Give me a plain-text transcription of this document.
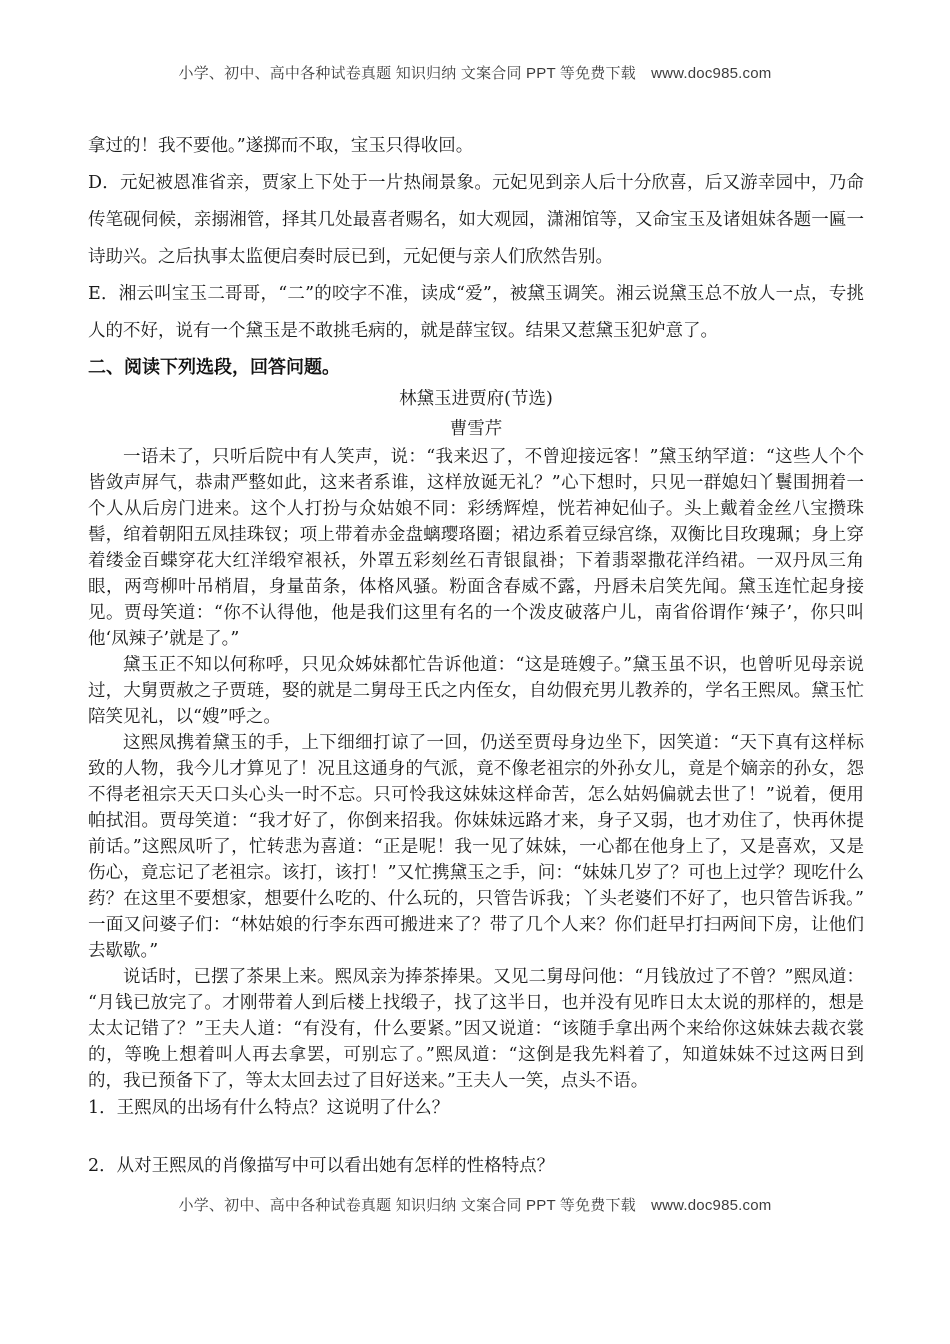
小学、初中、高中各种试卷真题 知识归纳 文案合同 PPT 等免费下载　www.doc985.com

拿过的！我不要他。”遂掷而不取，宝玉只得收回。

D．元妃被恩准省亲，贾家上下处于一片热闹景象。元妃见到亲人后十分欣喜，后又游幸园中，乃命传笔砚伺候，亲搦湘管，择其几处最喜者赐名，如大观园，潇湘馆等，又命宝玉及诸姐妹各题一匾一诗助兴。之后执事太监便启奏时辰已到，元妃便与亲人们欣然告别。

E．湘云叫宝玉二哥哥，“二”的咬字不准，读成“爱”，被黛玉调笑。湘云说黛玉总不放人一点，专挑人的不好，说有一个黛玉是不敢挑毛病的，就是薛宝钗。结果又惹黛玉犯妒意了。

二、阅读下列选段，回答问题。

林黛玉进贾府(节选)

曹雪芹

一语未了，只听后院中有人笑声，说：“我来迟了，不曾迎接远客！”黛玉纳罕道：“这些人个个皆敛声屏气，恭肃严整如此，这来者系谁，这样放诞无礼？”心下想时，只见一群媳妇丫鬟围拥着一个人从后房门进来。这个人打扮与众姑娘不同：彩绣辉煌，恍若神妃仙子。头上戴着金丝八宝攒珠髻，绾着朝阳五凤挂珠钗；项上带着赤金盘螭璎珞圈；裙边系着豆绿宫绦，双衡比目玫瑰珮；身上穿着缕金百蝶穿花大红洋缎窄裉袄，外罩五彩刻丝石青银鼠褂；下着翡翠撒花洋绉裙。一双丹凤三角眼，两弯柳叶吊梢眉，身量苗条，体格风骚。粉面含春威不露，丹唇未启笑先闻。黛玉连忙起身接见。贾母笑道：“你不认得他，他是我们这里有名的一个泼皮破落户儿，南省俗谓作‘辣子’，你只叫他‘凤辣子’就是了。”

黛玉正不知以何称呼，只见众姊妹都忙告诉他道：“这是琏嫂子。”黛玉虽不识，也曾听见母亲说过，大舅贾赦之子贾琏，娶的就是二舅母王氏之内侄女，自幼假充男儿教养的，学名王熙凤。黛玉忙陪笑见礼，以“嫂”呼之。

这熙凤携着黛玉的手，上下细细打谅了一回，仍送至贾母身边坐下，因笑道：“天下真有这样标致的人物，我今儿才算见了！况且这通身的气派，竟不像老祖宗的外孙女儿，竟是个嫡亲的孙女，怨不得老祖宗天天口头心头一时不忘。只可怜我这妹妹这样命苦，怎么姑妈偏就去世了！”说着，便用帕拭泪。贾母笑道：“我才好了，你倒来招我。你妹妹远路才来，身子又弱，也才劝住了，快再休提前话。”这熙凤听了，忙转悲为喜道：“正是呢！我一见了妹妹，一心都在他身上了，又是喜欢，又是伤心，竟忘记了老祖宗。该打，该打！”又忙携黛玉之手，问：“妹妹几岁了？可也上过学？现吃什么药？在这里不要想家，想要什么吃的、什么玩的，只管告诉我；丫头老婆们不好了，也只管告诉我。”一面又问婆子们：“林姑娘的行李东西可搬进来了？带了几个人来？你们赶早打扫两间下房，让他们去歇歇。”

说话时，已摆了茶果上来。熙凤亲为捧茶捧果。又见二舅母问他：“月钱放过了不曾？”熙凤道：“月钱已放完了。才刚带着人到后楼上找缎子，找了这半日，也并没有见昨日太太说的那样的，想是太太记错了？”王夫人道：“有没有，什么要紧。”因又说道：“该随手拿出两个来给你这妹妹去裁衣裳的，等晚上想着叫人再去拿罢，可别忘了。”熙凤道：“这倒是我先料着了，知道妹妹不过这两日到的，我已预备下了，等太太回去过了目好送来。”王夫人一笑，点头不语。

1．王熙凤的出场有什么特点？这说明了什么？

2．从对王熙凤的肖像描写中可以看出她有怎样的性格特点？

小学、初中、高中各种试卷真题 知识归纳 文案合同 PPT 等免费下载　www.doc985.com
